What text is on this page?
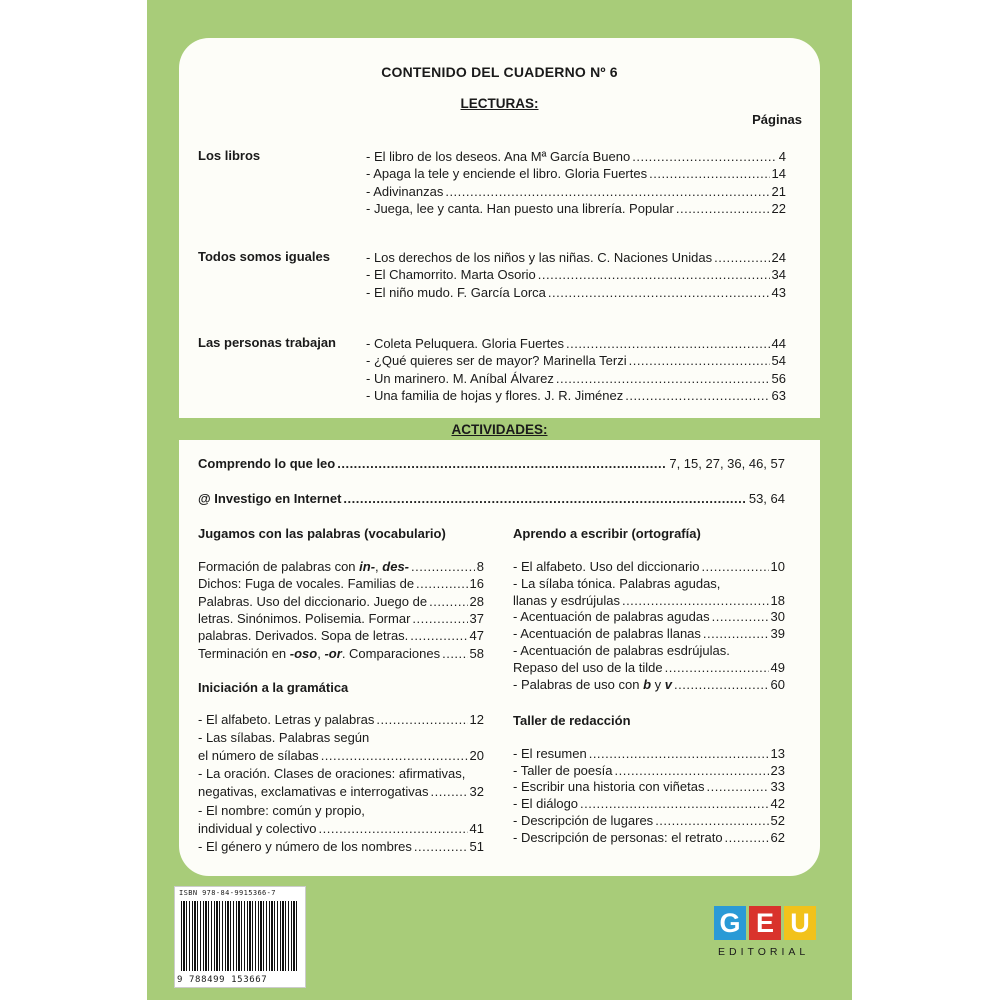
CONTENIDO DEL CUADERNO Nº 6
LECTURAS:
Páginas
Los libros	- El libro de los deseos. Ana Mª García Bueno .....	4
- Apaga la tele y enciende el libro. Gloria Fuertes .....	14
- Adivinanzas .....	21
- Juega, lee y canta. Han puesto una librería. Popular .....	22
Todos somos iguales	- Los derechos de los niños y las niñas. C. Naciones Unidas .....	24
- El Chamorrito. Marta Osorio .....	34
- El niño mudo. F. García Lorca .....	43
Las personas trabajan - Coleta Peluquera. Gloria Fuertes .....	44
- ¿Qué quieres ser de mayor? Marinella Terzi .....	54
- Un marinero. M. Aníbal Álvarez .....	56
- Una familia de hojas y flores. J. R. Jiménez .....	63
ACTIVIDADES:
Comprendo lo que leo .....	7, 15, 27, 36, 46, 57
@ Investigo en Internet .....	53, 64
Jugamos con las palabras (vocabulario)
Formación de palabras con in-, des- .....	8
Dichos: Fuga de vocales. Familias de .....	16
Palabras. Uso del diccionario. Juego de .....	28
letras. Sinónimos. Polisemia. Formar .....	37
palabras. Derivados. Sopa de letras. .....	47
Terminación en -oso, -or. Comparaciones ..... 58
Iniciación a la gramática
- El alfabeto. Letras y palabras .....	12
- Las sílabas. Palabras según
el número de sílabas .....	20
- La oración. Clases de oraciones: afirmativas,
negativas, exclamativas e interrogativas .....	32
- El nombre: común y propio,
individual y colectivo .....	41
- El género y número de los nombres .....	51
Aprendo a escribir (ortografía)
- El alfabeto. Uso del diccionario .....	10
- La sílaba tónica. Palabras agudas,
llanas y esdrújulas .....	18
- Acentuación de palabras agudas .....	30
- Acentuación de palabras llanas .....	39
- Acentuación de palabras esdrújulas.
Repaso del uso de la tilde .....	49
- Palabras de uso con b y v .....	60
Taller de redacción
- El resumen .....	13
- Taller de poesía .....	23
- Escribir una historia con viñetas .....	33
- El diálogo .....	42
- Descripción de lugares .....	52
- Descripción de personas: el retrato .....	62
ISBN 978-84-9915366-7
9 788499 153667
G E U
EDITORIAL
